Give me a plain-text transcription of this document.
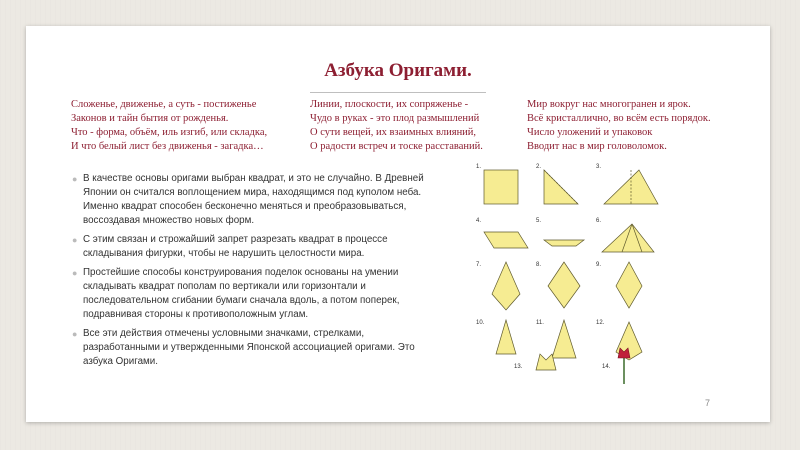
Азбука Оригами.
Сложенье, движенье, а суть - постиженье
Законов и тайн бытия от рожденья.
Что - форма, объём, иль изгиб, или складка,
И что белый лист без движенья - загадка…
Линии, плоскости, их сопряженье -
Чудо в руках - это плод размышлений
О сути вещей, их взаимных влияний,
О радости встреч и тоске расставаний.
Мир вокруг нас многогранен и ярок.
Всё кристаллично, во всём есть порядок.
Число уложений и упаковок
Вводит нас в мир головоломок.
● В качестве основы оригами выбран квадрат, и это не случайно. В Древней Японии он считался воплощением мира, находящимся под куполом неба. Именно квадрат способен бесконечно меняться и преобразовываться, воссоздавая множество новых форм.
● С этим связан и строжайший запрет разрезать квадрат в процессе складывания фигурки, чтобы не нарушить целостности мира.
● Простейшие способы конструирования поделок основаны на умении складывать квадрат пополам по вертикали или горизонтали и последовательном сгибании бумаги сначала вдоль, а потом поперек, подравнивая стороны к противоположным углам.
● Все эти действия отмечены условными значками, стрелками, разработанными и утвержденными Японской ассоциацией оригами. Это азбука Оригами.
1.	2.	3.
4.	5.	6.
7.	8.	9.
10.	11.	12.
13.	14.
7
